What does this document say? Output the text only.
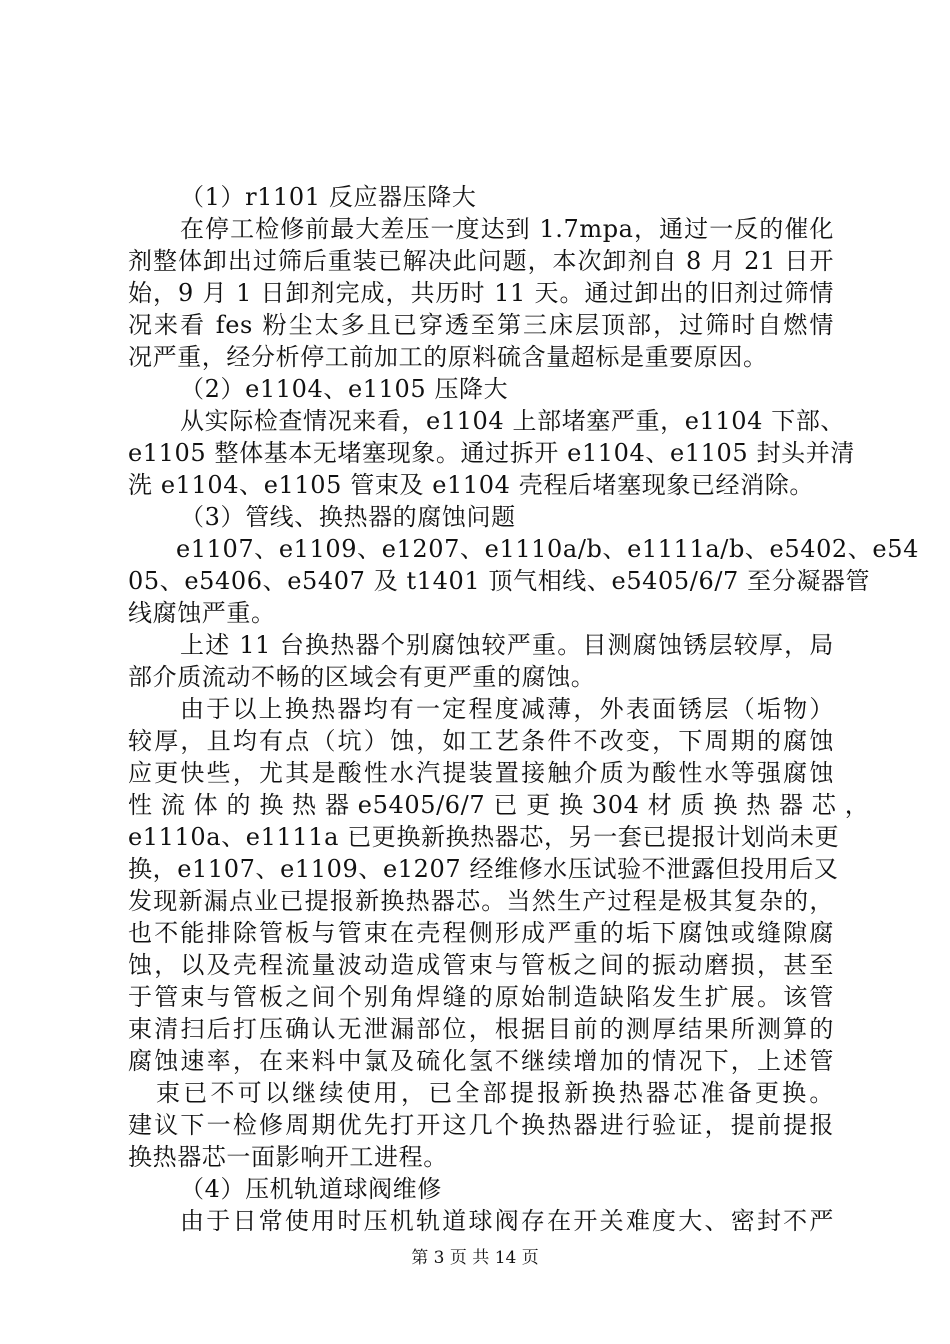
（1）r1101 反应器压降大
在停工检修前最大差压一度达到 1.7mpa，通过一反的催化
剂整体卸出过筛后重装已解决此问题，本次卸剂自 8 月 21 日开
始，9 月 1 日卸剂完成，共历时 11 天。通过卸出的旧剂过筛情
况来看 fes 粉尘太多且已穿透至第三床层顶部，过筛时自燃情
况严重，经分析停工前加工的原料硫含量超标是重要原因。
（2）e1104、e1105 压降大
从实际检查情况来看，e1104 上部堵塞严重，e1104 下部、
e1105 整体基本无堵塞现象。通过拆开 e1104、e1105 封头并清
洗 e1104、e1105 管束及 e1104 壳程后堵塞现象已经消除。
（3）管线、换热器的腐蚀问题
e1107、e1109、e1207、e1110a/b、e1111a/b、e5402、e54
05、e5406、e5407 及 t1401 顶气相线、e5405/6/7 至分凝器管
线腐蚀严重。
上述 11 台换热器个别腐蚀较严重。目测腐蚀锈层较厚，局
部介质流动不畅的区域会有更严重的腐蚀。
由于以上换热器均有一定程度减薄，外表面锈层（垢物）
较厚，且均有点（坑）蚀，如工艺条件不改变，下周期的腐蚀
应更快些，尤其是酸性水汽提装置接触介质为酸性水等强腐蚀
性 流 体 的 换 热 器 e5405/6/7 已 更 换 304 材 质 换 热 器 芯 ，
e1110a、e1111a 已更换新换热器芯，另一套已提报计划尚未更
换，e1107、e1109、e1207 经维修水压试验不泄露但投用后又
发现新漏点业已提报新换热器芯。当然生产过程是极其复杂的，
也不能排除管板与管束在壳程侧形成严重的垢下腐蚀或缝隙腐
蚀，以及壳程流量波动造成管束与管板之间的振动磨损，甚至
于管束与管板之间个别角焊缝的原始制造缺陷发生扩展。该管
束清扫后打压确认无泄漏部位，根据目前的测厚结果所测算的
腐蚀速率，在来料中氯及硫化氢不继续增加的情况下，上述管
束已不可以继续使用，已全部提报新换热器芯准备更换。
建议下一检修周期优先打开这几个换热器进行验证，提前提报
换热器芯一面影响开工进程。
（4）压机轨道球阀维修
由于日常使用时压机轨道球阀存在开关难度大、密封不严
第 3 页 共 14 页
